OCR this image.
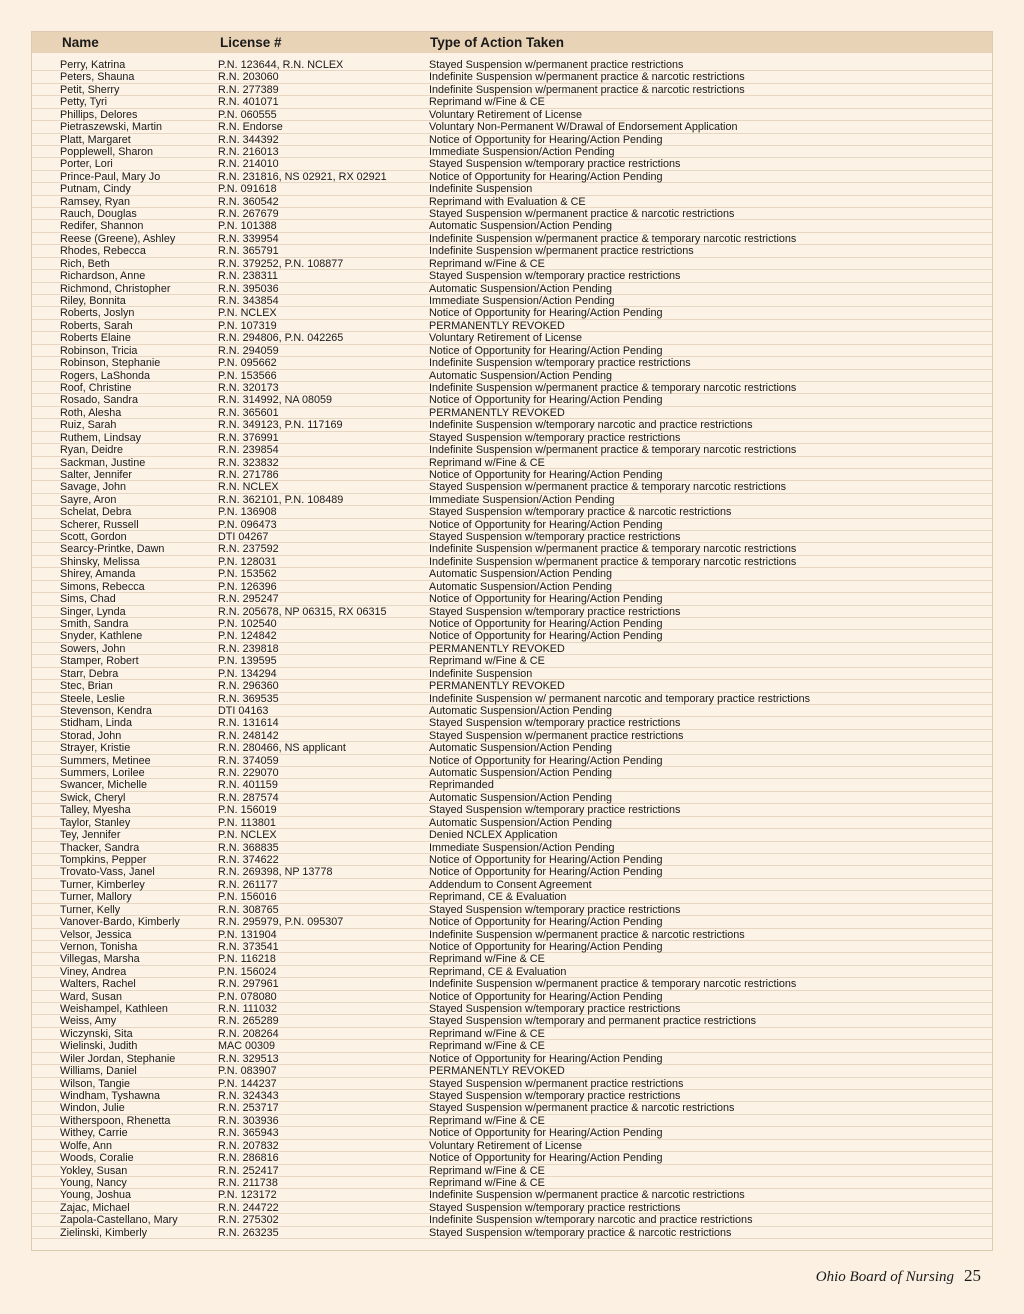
Name	License #	Type of Action Taken
Perry, Katrina	P.N. 123644, R.N. NCLEX	Stayed Suspension w/permanent practice restrictions
Peters, Shauna	R.N. 203060	Indefinite Suspension w/permanent practice & narcotic restrictions
Petit, Sherry	R.N. 277389	Indefinite Suspension w/permanent practice & narcotic restrictions
Petty, Tyri	R.N. 401071	Reprimand w/Fine & CE
Phillips, Delores	P.N. 060555	Voluntary Retirement of License
Pietraszewski, Martin	R.N. Endorse	Voluntary Non-Permanent W/Drawal of Endorsement Application
Platt, Margaret	R.N. 344392	Notice of Opportunity for Hearing/Action Pending
Popplewell, Sharon	R.N. 216013	Immediate Suspension/Action Pending
Porter, Lori	R.N. 214010	Stayed Suspension w/temporary practice restrictions
Prince-Paul, Mary Jo	R.N. 231816, NS 02921, RX 02921	Notice of Opportunity for Hearing/Action Pending
Putnam, Cindy	P.N. 091618	Indefinite Suspension
Ramsey, Ryan	R.N. 360542	Reprimand with Evaluation & CE
Rauch, Douglas	R.N. 267679	Stayed Suspension w/permanent practice & narcotic restrictions
Redifer, Shannon	P.N. 101388	Automatic Suspension/Action Pending
Reese (Greene), Ashley	R.N. 339954	Indefinite Suspension w/permanent practice & temporary narcotic restrictions
Rhodes, Rebecca	R.N. 365791	Indefinite Suspension w/permanent practice restrictions
Rich, Beth	R.N. 379252, P.N. 108877	Reprimand w/Fine & CE
Richardson, Anne	R.N. 238311	Stayed Suspension w/temporary practice restrictions
Richmond, Christopher	R.N. 395036	Automatic Suspension/Action Pending
Riley, Bonnita	R.N. 343854	Immediate Suspension/Action Pending
Roberts, Joslyn	P.N. NCLEX	Notice of Opportunity for Hearing/Action Pending
Roberts, Sarah	P.N. 107319	PERMANENTLY REVOKED
Roberts Elaine	R.N. 294806, P.N. 042265	Voluntary Retirement of License
Robinson, Tricia	R.N. 294059	Notice of Opportunity for Hearing/Action Pending
Robinson, Stephanie	P.N. 095662	Indefinite Suspension w/temporary practice restrictions
Rogers, LaShonda	P.N. 153566	Automatic Suspension/Action Pending
Roof, Christine	R.N. 320173	Indefinite Suspension w/permanent practice & temporary narcotic restrictions
Rosado, Sandra	R.N. 314992, NA 08059	Notice of Opportunity for Hearing/Action Pending
Roth, Alesha	R.N. 365601	PERMANENTLY REVOKED
Ruiz, Sarah	R.N. 349123, P.N. 117169	Indefinite Suspension w/temporary narcotic and practice restrictions
Ruthem, Lindsay	R.N. 376991	Stayed Suspension w/temporary practice restrictions
Ryan, Deidre	R.N. 239854	Indefinite Suspension w/permanent practice & temporary narcotic restrictions
Sackman, Justine	R.N. 323832	Reprimand w/Fine & CE
Salter, Jennifer	R.N. 271786	Notice of Opportunity for Hearing/Action Pending
Savage, John	R.N. NCLEX	Stayed Suspension w/permanent practice & temporary narcotic restrictions
Sayre, Aron	R.N. 362101, P.N. 108489	Immediate Suspension/Action Pending
Schelat, Debra	P.N. 136908	Stayed Suspension w/temporary practice & narcotic restrictions
Scherer, Russell	P.N. 096473	Notice of Opportunity for Hearing/Action Pending
Scott, Gordon	DTI 04267	Stayed Suspension w/temporary practice restrictions
Searcy-Printke, Dawn	R.N. 237592	Indefinite Suspension w/permanent practice & temporary narcotic restrictions
Shinsky, Melissa	P.N. 128031	Indefinite Suspension w/permanent practice & temporary narcotic restrictions
Shirey, Amanda	P.N. 153562	Automatic Suspension/Action Pending
Simons, Rebecca	P.N. 126396	Automatic Suspension/Action Pending
Sims, Chad	R.N. 295247	Notice of Opportunity for Hearing/Action Pending
Singer, Lynda	R.N. 205678, NP 06315, RX 06315	Stayed Suspension w/temporary practice restrictions
Smith, Sandra	P.N. 102540	Notice of Opportunity for Hearing/Action Pending
Snyder, Kathlene	P.N. 124842	Notice of Opportunity for Hearing/Action Pending
Sowers, John	R.N. 239818	PERMANENTLY REVOKED
Stamper, Robert	P.N. 139595	Reprimand w/Fine & CE
Starr, Debra	P.N. 134294	Indefinite Suspension
Stec, Brian	R.N. 296360	PERMANENTLY REVOKED
Steele, Leslie	R.N. 369535	Indefinite Suspension w/ permanent narcotic and temporary practice restrictions
Stevenson, Kendra	DTI 04163	Automatic Suspension/Action Pending
Stidham, Linda	R.N. 131614	Stayed Suspension w/temporary practice restrictions
Storad, John	R.N. 248142	Stayed Suspension w/permanent practice restrictions
Strayer, Kristie	R.N. 280466, NS applicant	Automatic Suspension/Action Pending
Summers, Metinee	R.N. 374059	Notice of Opportunity for Hearing/Action Pending
Summers, Lorilee	R.N. 229070	Automatic Suspension/Action Pending
Swancer, Michelle	R.N. 401159	Reprimanded
Swick, Cheryl	R.N. 287574	Automatic Suspension/Action Pending
Talley, Myesha	P.N. 156019	Stayed Suspension w/temporary practice restrictions
Taylor, Stanley	P.N. 113801	Automatic Suspension/Action Pending
Tey, Jennifer	P.N. NCLEX	Denied NCLEX Application
Thacker, Sandra	R.N. 368835	Immediate Suspension/Action Pending
Tompkins, Pepper	R.N. 374622	Notice of Opportunity for Hearing/Action Pending
Trovato-Vass, Janel	R.N. 269398, NP 13778	Notice of Opportunity for Hearing/Action Pending
Turner, Kimberley	R.N. 261177	Addendum to Consent Agreement
Turner, Mallory	P.N. 156016	Reprimand, CE & Evaluation
Turner, Kelly	R.N. 308765	Stayed Suspension w/temporary practice restrictions
Vanover-Bardo, Kimberly	R.N. 295979, P.N. 095307	Notice of Opportunity for Hearing/Action Pending
Velsor, Jessica	P.N. 131904	Indefinite Suspension w/permanent practice & narcotic restrictions
Vernon, Tonisha	R.N. 373541	Notice of Opportunity for Hearing/Action Pending
Villegas, Marsha	P.N. 116218	Reprimand w/Fine & CE
Viney, Andrea	P.N. 156024	Reprimand, CE & Evaluation
Walters, Rachel	R.N. 297961	Indefinite Suspension w/permanent practice & temporary narcotic restrictions
Ward, Susan	P.N. 078080	Notice of Opportunity for Hearing/Action Pending
Weishampel, Kathleen	R.N. 111032	Stayed Suspension w/temporary practice restrictions
Weiss, Amy	R.N. 265289	Stayed Suspension w/temporary and permanent practice restrictions
Wiczynski, Sita	R.N. 208264	Reprimand w/Fine & CE
Wielinski, Judith	MAC 00309	Reprimand w/Fine & CE
Wiler Jordan, Stephanie	R.N. 329513	Notice of Opportunity for Hearing/Action Pending
Williams, Daniel	P.N. 083907	PERMANENTLY REVOKED
Wilson, Tangie	P.N. 144237	Stayed Suspension w/permanent practice restrictions
Windham, Tyshawna	R.N. 324343	Stayed Suspension w/temporary practice restrictions
Windon, Julie	R.N. 253717	Stayed Suspension w/permanent practice & narcotic restrictions
Witherspoon, Rhenetta	R.N. 303936	Reprimand w/Fine & CE
Withey, Carrie	R.N. 365943	Notice of Opportunity for Hearing/Action Pending
Wolfe, Ann	R.N. 207832	Voluntary Retirement of License
Woods, Coralie	R.N. 286816	Notice of Opportunity for Hearing/Action Pending
Yokley, Susan	R.N. 252417	Reprimand w/Fine & CE
Young, Nancy	R.N. 211738	Reprimand w/Fine & CE
Young, Joshua	P.N. 123172	Indefinite Suspension w/permanent practice & narcotic restrictions
Zajac, Michael	R.N. 244722	Stayed Suspension w/temporary practice restrictions
Zapola-Castellano, Mary	R.N. 275302	Indefinite Suspension w/temporary narcotic and practice restrictions
Zielinski, Kimberly	R.N. 263235	Stayed Suspension w/temporary practice & narcotic restrictions
Ohio Board of Nursing 25
